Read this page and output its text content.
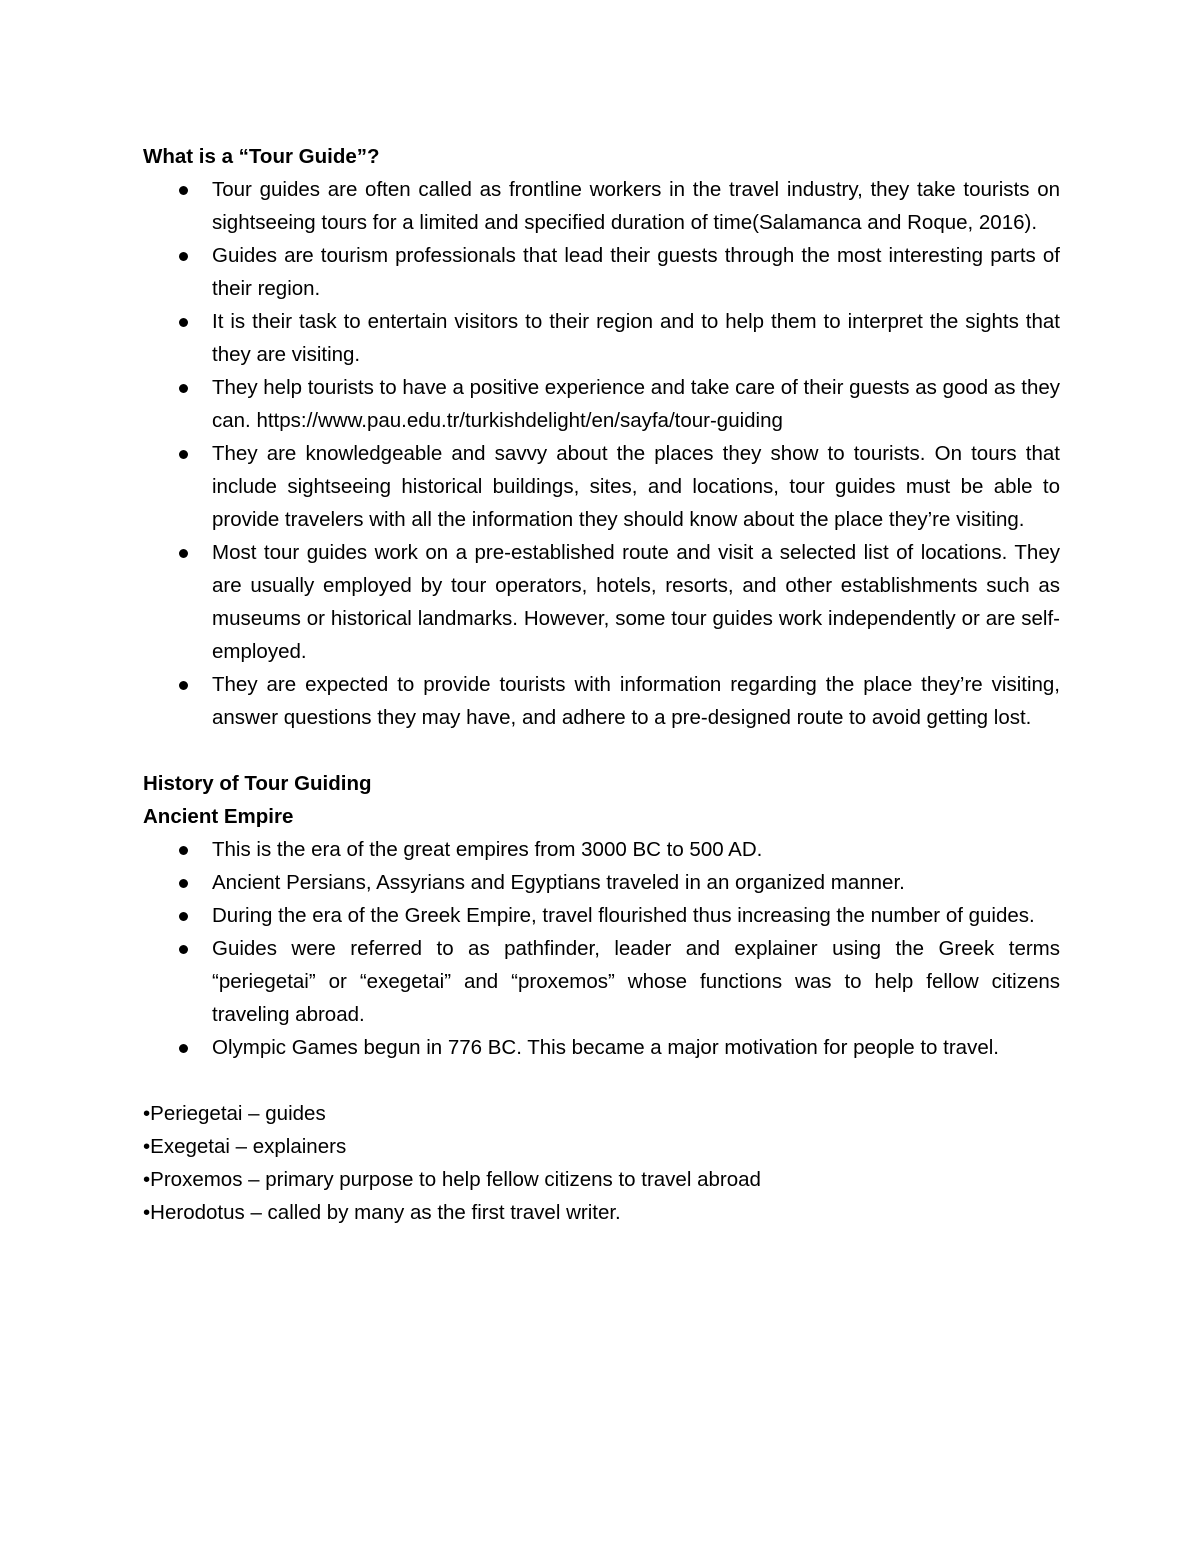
What is a “Tour Guide”?

Tour guides are often called as frontline workers in the travel industry, they take tourists on sightseeing tours for a limited and specified duration of time(Salamanca and Roque, 2016).
Guides are tourism professionals that lead their guests through the most interesting parts of their region.
It is their task to entertain visitors to their region and to help them to interpret the sights that they are visiting.
They help tourists to have a positive experience and take care of their guests as good as they can. https://www.pau.edu.tr/turkishdelight/en/sayfa/tour-guiding
They are knowledgeable and savvy about the places they show to tourists. On tours that include sightseeing historical buildings, sites, and locations, tour guides must be able to provide travelers with all the information they should know about the place they’re visiting.
Most tour guides work on a pre-established route and visit a selected list of locations. They are usually employed by tour operators, hotels, resorts, and other establishments such as museums or historical landmarks. However, some tour guides work independently or are self-employed.
They are expected to provide tourists with information regarding the place they’re visiting, answer questions they may have, and adhere to a pre-designed route to avoid getting lost.

History of Tour Guiding

Ancient Empire

This is the era of the great empires from 3000 BC to 500 AD.
Ancient Persians, Assyrians and Egyptians traveled in an organized manner.
During the era of the Greek Empire, travel flourished thus increasing the number of guides.
Guides were referred to as pathfinder, leader and explainer using the Greek terms “periegetai” or “exegetai” and “proxemos” whose functions was to help fellow citizens traveling abroad.
Olympic Games begun in 776 BC. This became a major motivation for people to travel.

•Periegetai – guides

•Exegetai – explainers

•Proxemos – primary purpose to help fellow citizens to travel abroad

•Herodotus – called by many as the first travel writer.
